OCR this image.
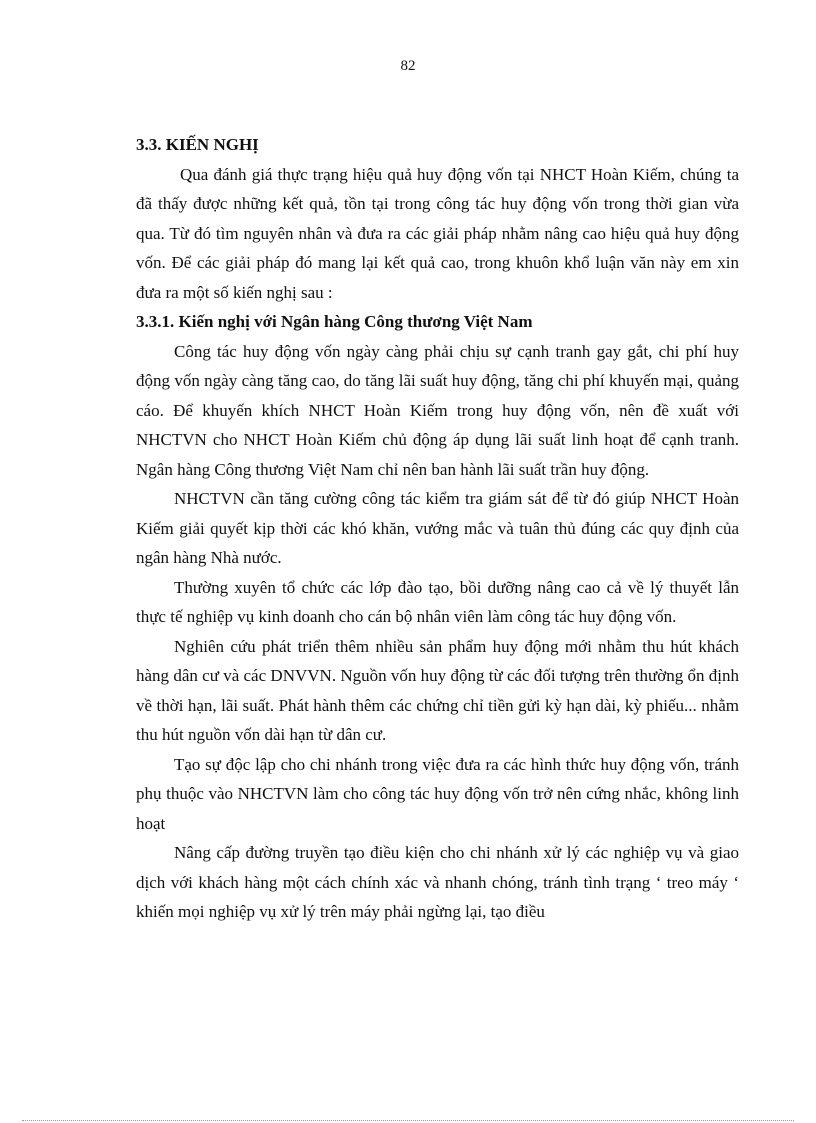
82

3.3. KIẾN NGHỊ

Qua đánh giá thực trạng hiệu quả huy động vốn tại NHCT Hoàn Kiếm, chúng ta đã thấy được những kết quả, tồn tại trong công tác huy động vốn trong thời gian vừa qua. Từ đó tìm nguyên nhân và đưa ra các giải pháp nhằm nâng cao hiệu quả huy động vốn. Để các giải pháp đó mang lại kết quả cao, trong khuôn khổ luận văn này em xin đưa ra một số kiến nghị sau :

3.3.1. Kiến nghị với Ngân hàng Công thương Việt Nam

Công tác huy động vốn ngày càng phải chịu sự cạnh tranh gay gắt, chi phí huy động vốn ngày càng tăng cao, do tăng lãi suất huy động, tăng chi phí khuyến mại, quảng cáo. Để khuyến khích NHCT Hoàn Kiếm trong huy động vốn, nên đề xuất với NHCTVN cho NHCT Hoàn Kiếm chủ động áp dụng lãi suất linh hoạt để cạnh tranh. Ngân hàng Công thương Việt Nam chỉ nên ban hành lãi suất trần huy động.

NHCTVN cần tăng cường công tác kiểm tra giám sát để từ đó giúp NHCT Hoàn Kiếm giải quyết kịp thời các khó khăn, vướng mắc và tuân thủ đúng các quy định của ngân hàng Nhà nước.

Thường xuyên tổ chức các lớp đào tạo, bồi dưỡng nâng cao cả về lý thuyết lẫn thực tế nghiệp vụ kinh doanh cho cán bộ nhân viên làm công tác huy động vốn.

Nghiên cứu phát triển thêm nhiều sản phẩm huy động mới nhằm thu hút khách hàng dân cư và các DNVVN. Nguồn vốn huy động từ các đối tượng trên thường ổn định về thời hạn, lãi suất. Phát hành thêm các chứng chỉ tiền gửi kỳ hạn dài, kỳ phiếu... nhằm thu hút nguồn vốn dài hạn từ dân cư.

Tạo sự độc lập cho chi nhánh trong việc đưa ra các hình thức huy động vốn, tránh phụ thuộc vào NHCTVN làm cho công tác huy động vốn trở nên cứng nhắc, không linh hoạt

Nâng cấp đường truyền tạo điều kiện cho chi nhánh xử lý các nghiệp vụ và giao dịch với khách hàng một cách chính xác và nhanh chóng, tránh tình trạng ‘ treo máy ‘ khiến mọi nghiệp vụ xử lý trên máy phải ngừng lại, tạo điều
